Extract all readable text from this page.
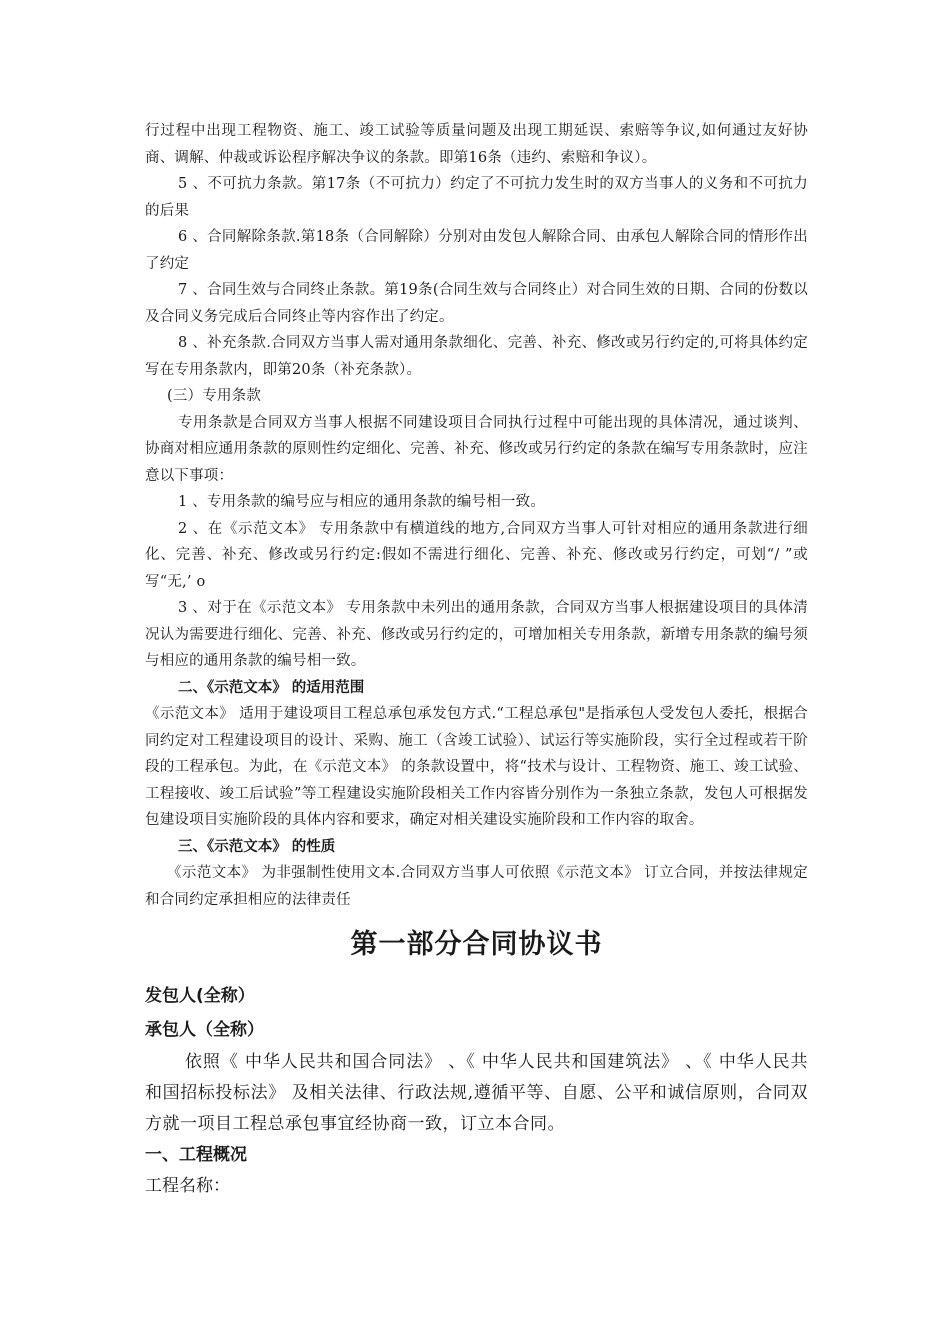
行过程中出现工程物资、施工、竣工试验等质量问题及出现工期延误、索赔等争议,如何通过友好协商、调解、仲裁或诉讼程序解决争议的条款。即第16条（违约、索赔和争议）。

5 、不可抗力条款。第17条（不可抗力）约定了不可抗力发生时的双方当事人的义务和不可抗力的后果

6 、合同解除条款.第18条（合同解除）分别对由发包人解除合同、由承包人解除合同的情形作出了约定

7 、合同生效与合同终止条款。第19条(合同生效与合同终止）对合同生效的日期、合同的份数以及合同义务完成后合同终止等内容作出了约定。

8 、补充条款.合同双方当事人需对通用条款细化、完善、补充、修改或另行约定的,可将具体约定写在专用条款内，即第20条（补充条款）。

(三）专用条款

专用条款是合同双方当事人根据不同建设项目合同执行过程中可能出现的具体清况，通过谈判、协商对相应通用条款的原则性约定细化、完善、补充、修改或另行约定的条款在编写专用条款时，应注意以下事项：

1 、专用条款的编号应与相应的通用条款的编号相一致。

2 、在《示范文本》 专用条款中有横道线的地方,合同双方当事人可针对相应的通用条款进行细化、完善、补充、修改或另行约定:假如不需进行细化、完善、补充、修改或另行约定，可划“/ ”或写“无,’ o

3 、对于在《示范文本》 专用条款中未列出的通用条款，合同双方当事人根据建设项目的具体清况认为需要进行细化、完善、补充、修改或另行约定的，可增加相关专用条款，新增专用条款的编号须与相应的通用条款的编号相一致。

二、《示范文本》 的适用范围

《示范文本》 适用于建设项目工程总承包承发包方式.“工程总承包"是指承包人受发包人委托，根据合同约定对工程建设项目的设计、采购、施工（含竣工试验）、试运行等实施阶段，实行全过程或若干阶段的工程承包。为此，在《示范文本》 的条款设置中，将“技术与设计、工程物资、施工、竣工试验、工程接收、竣工后试验”等工程建设实施阶段相关工作内容皆分别作为一条独立条款，发包人可根据发包建设项目实施阶段的具体内容和要求，确定对相关建设实施阶段和工作内容的取舍。

三、《示范文本》 的性质

《示范文本》 为非强制性使用文本.合同双方当事人可依照《示范文本》 订立合同，并按法律规定和合同约定承担相应的法律责任

第一部分合同协议书

发包人(全称）

承包人（全称）

依照《 中华人民共和国合同法》 、《 中华人民共和国建筑法》 、《 中华人民共和国招标投标法》 及相关法律、行政法规,遵循平等、自愿、公平和诚信原则，合同双方就一项目工程总承包事宜经协商一致，订立本合同。

一、工程概况

工程名称：
